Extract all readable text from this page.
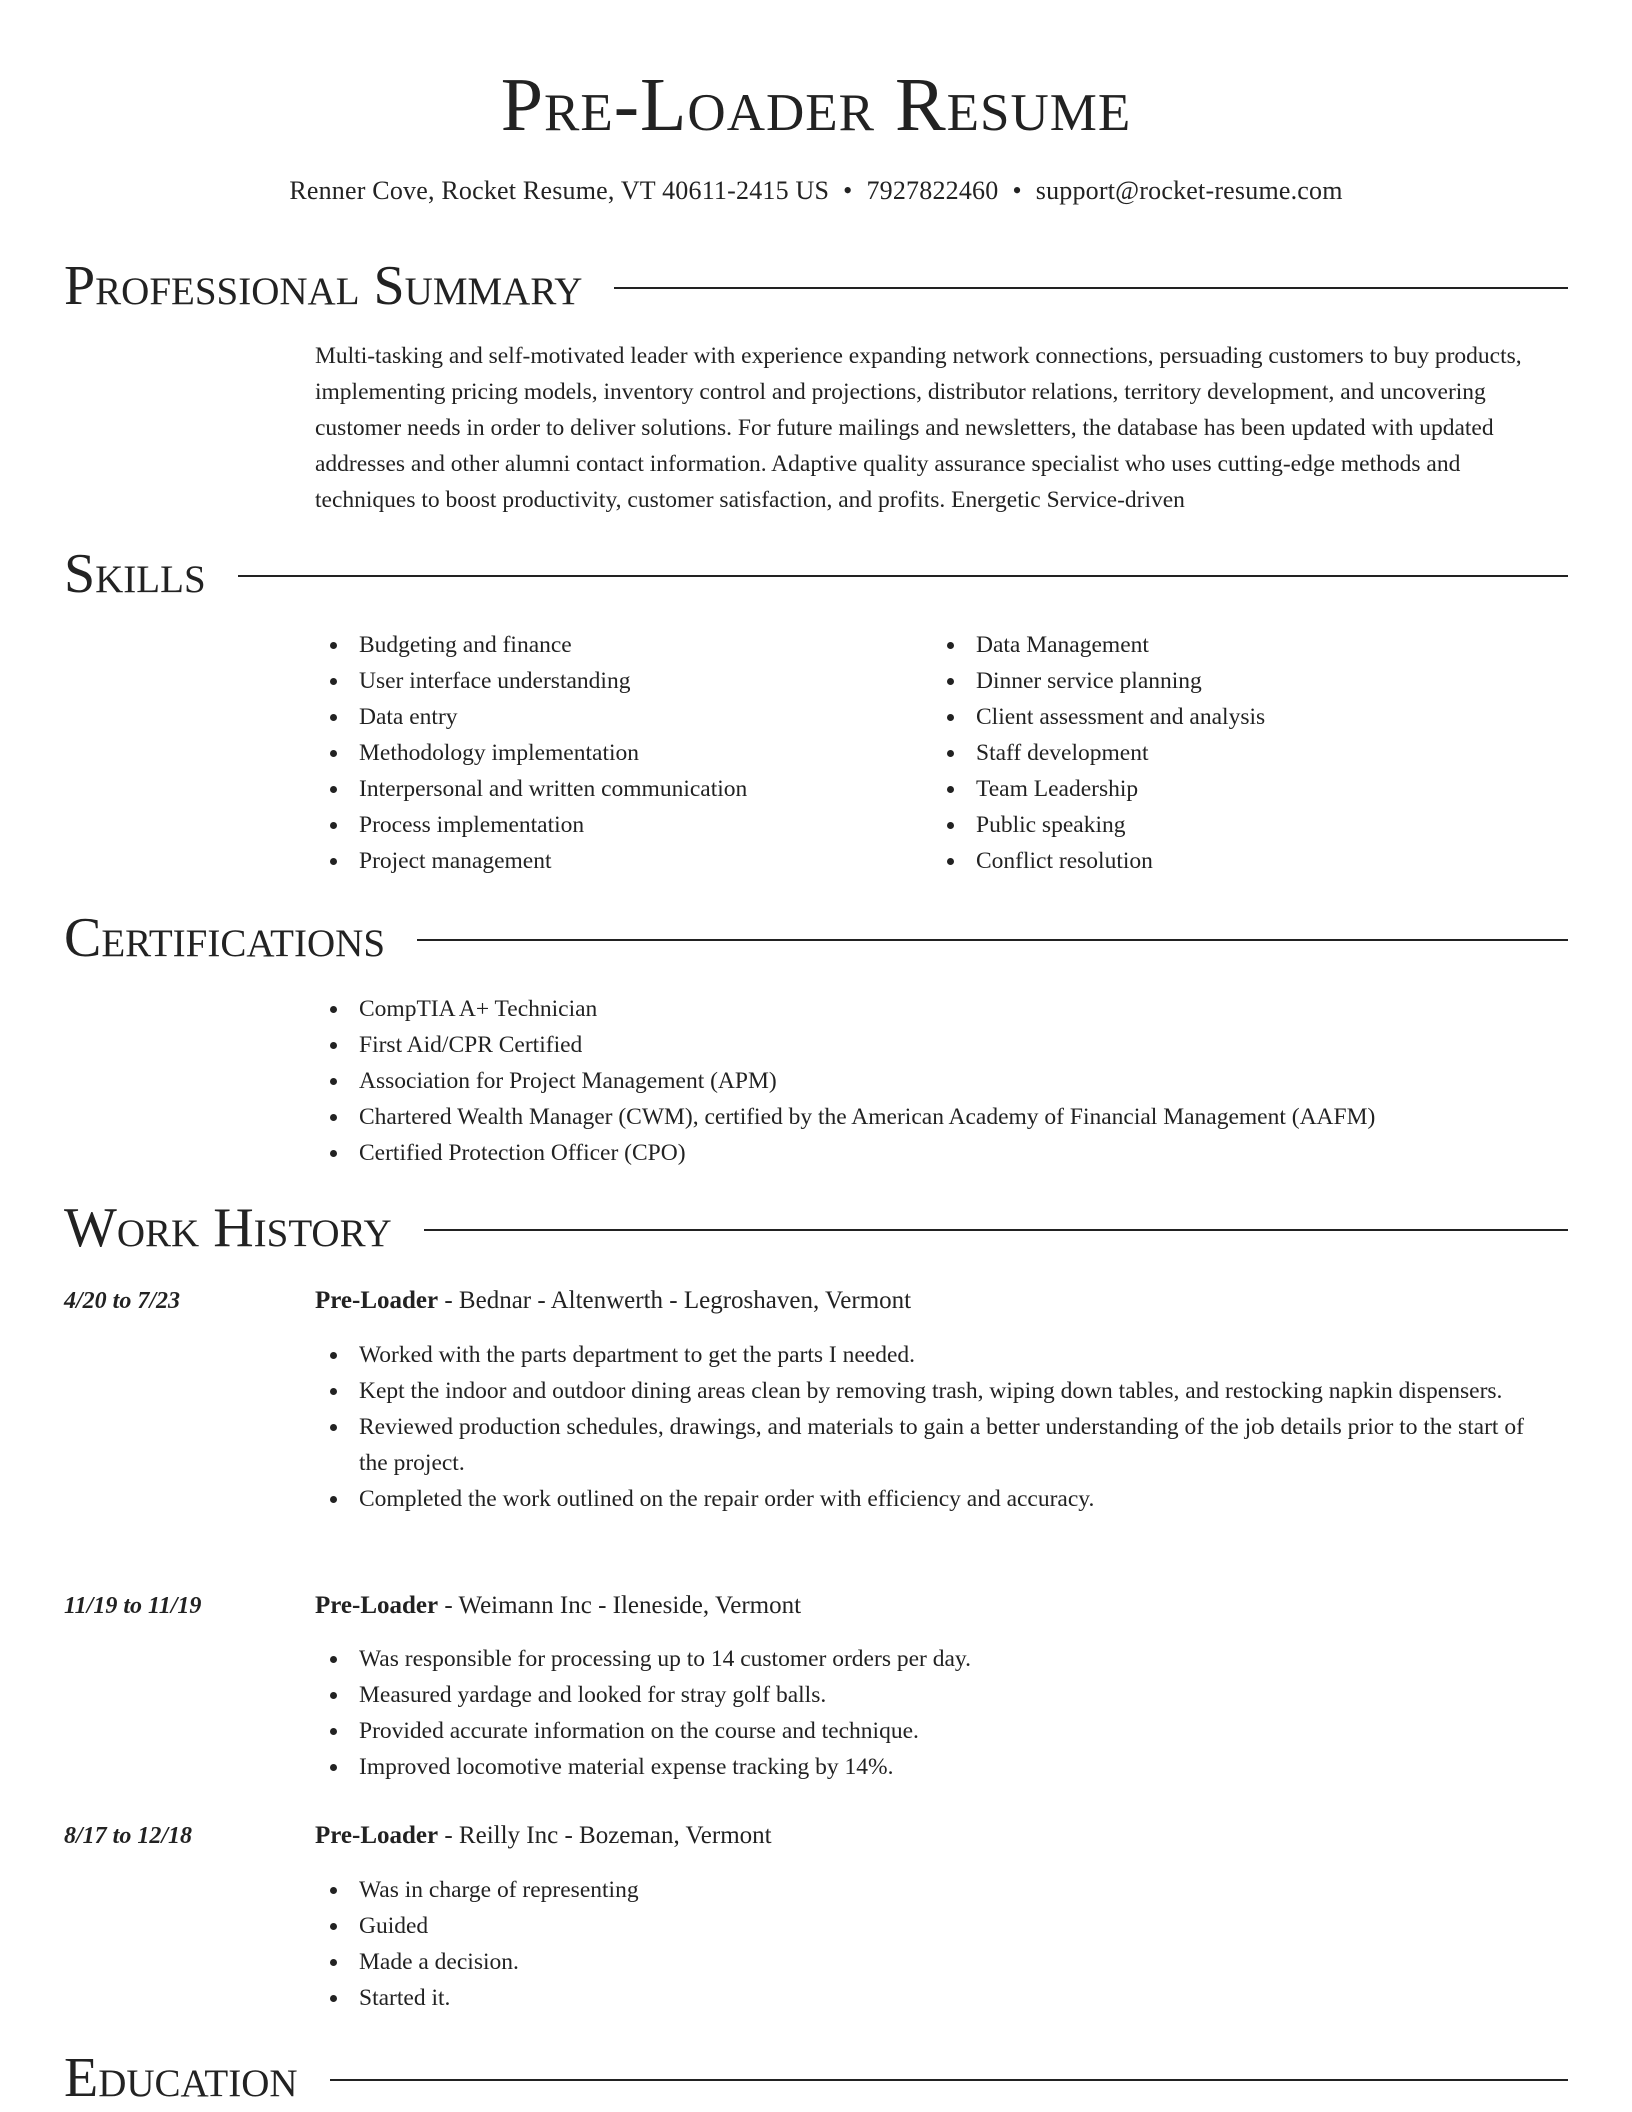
Pre-Loader Resume
Renner Cove, Rocket Resume, VT 40611-2415 US • 7927822460 • support@rocket-resume.com
Professional Summary

Multi-tasking and self-motivated leader with experience expanding network connections, persuading customers to buy products, implementing pricing models, inventory control and projections, distributor relations, territory development, and uncovering customer needs in order to deliver solutions. For future mailings and newsletters, the database has been updated with updated addresses and other alumni contact information. Adaptive quality assurance specialist who uses cutting-edge methods and techniques to boost productivity, customer satisfaction, and profits. Energetic Service-driven

Skills
Budgeting and finance
User interface understanding
Data entry
Methodology implementation
Interpersonal and written communication
Process implementation
Project management
Data Management
Dinner service planning
Client assessment and analysis
Staff development
Team Leadership
Public speaking
Conflict resolution
Certifications
CompTIA A+ Technician
First Aid/CPR Certified
Association for Project Management (APM)
Chartered Wealth Manager (CWM), certified by the American Academy of Financial Management (AAFM)
Certified Protection Officer (CPO)
Work History
4/20 to 7/23	Pre-Loader - Bednar - Altenwerth - Legroshaven, Vermont
Worked with the parts department to get the parts I needed.
Kept the indoor and outdoor dining areas clean by removing trash, wiping down tables, and restocking napkin dispensers.
Reviewed production schedules, drawings, and materials to gain a better understanding of the job details prior to the start of the project.
Completed the work outlined on the repair order with efficiency and accuracy.
11/19 to 11/19	Pre-Loader - Weimann Inc - Ileneside, Vermont
Was responsible for processing up to 14 customer orders per day.
Measured yardage and looked for stray golf balls.
Provided accurate information on the course and technique.
Improved locomotive material expense tracking by 14%.
8/17 to 12/18	Pre-Loader - Reilly Inc - Bozeman, Vermont
Was in charge of representing
Guided
Made a decision.
Started it.
Education
